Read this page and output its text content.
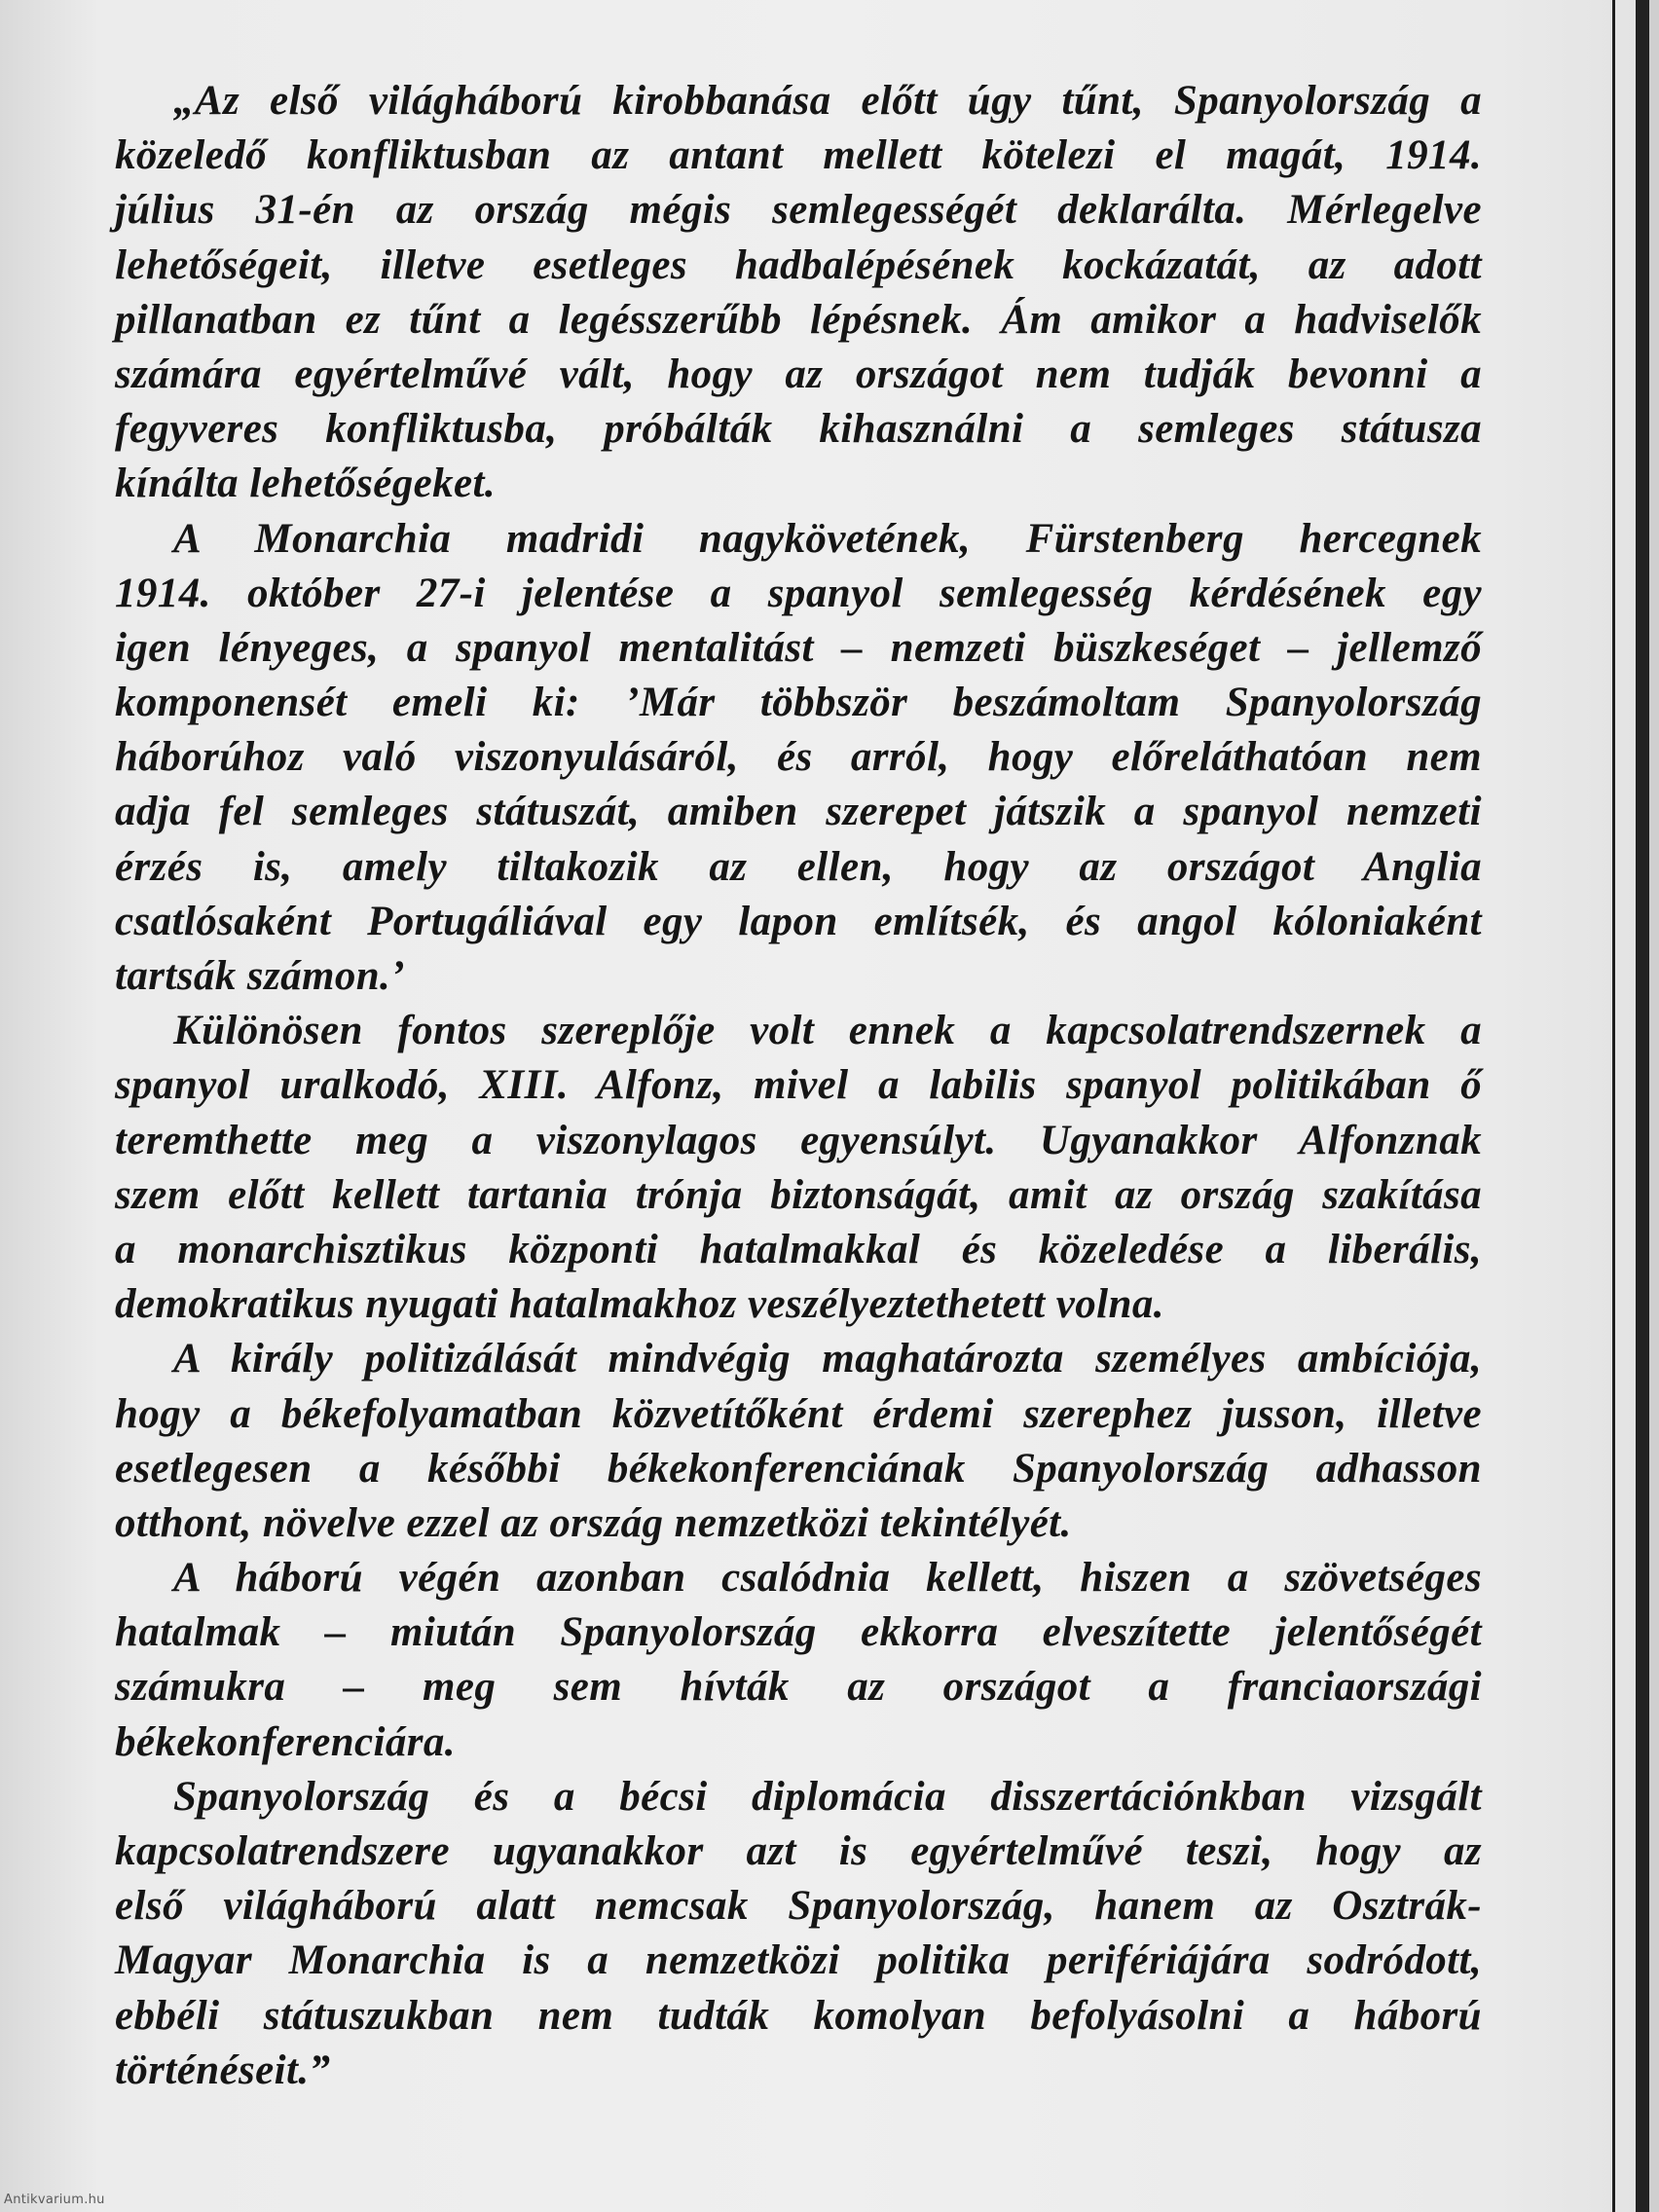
„Az első világháború kirobbanása előtt úgy tűnt, Spanyolország a
közeledő konfliktusban az antant mellett kötelezi el magát, 1914.
július 31-én az ország mégis semlegességét deklarálta. Mérlegelve
lehetőségeit, illetve esetleges hadbalépésének kockázatát, az adott
pillanatban ez tűnt a legésszerűbb lépésnek. Ám amikor a hadviselők
számára egyértelművé vált, hogy az országot nem tudják bevonni a
fegyveres konfliktusba, próbálták kihasználni a semleges státusza
kínálta lehetőségeket.
A Monarchia madridi nagykövetének, Fürstenberg hercegnek
1914. október 27-i jelentése a spanyol semlegesség kérdésének egy
igen lényeges, a spanyol mentalitást – nemzeti büszkeséget – jellemző
komponensét emeli ki: ’Már többször beszámoltam Spanyolország
háborúhoz való viszonyulásáról, és arról, hogy előreláthatóan nem
adja fel semleges státuszát, amiben szerepet játszik a spanyol nemzeti
érzés is, amely tiltakozik az ellen, hogy az országot Anglia
csatlósaként Portugáliával egy lapon említsék, és angol kóloniaként
tartsák számon.’
Különösen fontos szereplője volt ennek a kapcsolatrendszernek a
spanyol uralkodó, XIII. Alfonz, mivel a labilis spanyol politikában ő
teremthette meg a viszonylagos egyensúlyt. Ugyanakkor Alfonznak
szem előtt kellett tartania trónja biztonságát, amit az ország szakítása
a monarchisztikus központi hatalmakkal és közeledése a liberális,
demokratikus nyugati hatalmakhoz veszélyeztethetett volna.
A király politizálását mindvégig maghatározta személyes ambíciója,
hogy a békefolyamatban közvetítőként érdemi szerephez jusson, illetve
esetlegesen a későbbi békekonferenciának Spanyolország adhasson
otthont, növelve ezzel az ország nemzetközi tekintélyét.
A háború végén azonban csalódnia kellett, hiszen a szövetséges
hatalmak – miután Spanyolország ekkorra elveszítette jelentőségét
számukra – meg sem hívták az országot a franciaországi
békekonferenciára.
Spanyolország és a bécsi diplomácia disszertációnkban vizsgált
kapcsolatrendszere ugyanakkor azt is egyértelművé teszi, hogy az
első világháború alatt nemcsak Spanyolország, hanem az Osztrák-
Magyar Monarchia is a nemzetközi politika perifériájára sodródott,
ebbéli státuszukban nem tudták komolyan befolyásolni a háború
történéseit.”
Antikvarium.hu
